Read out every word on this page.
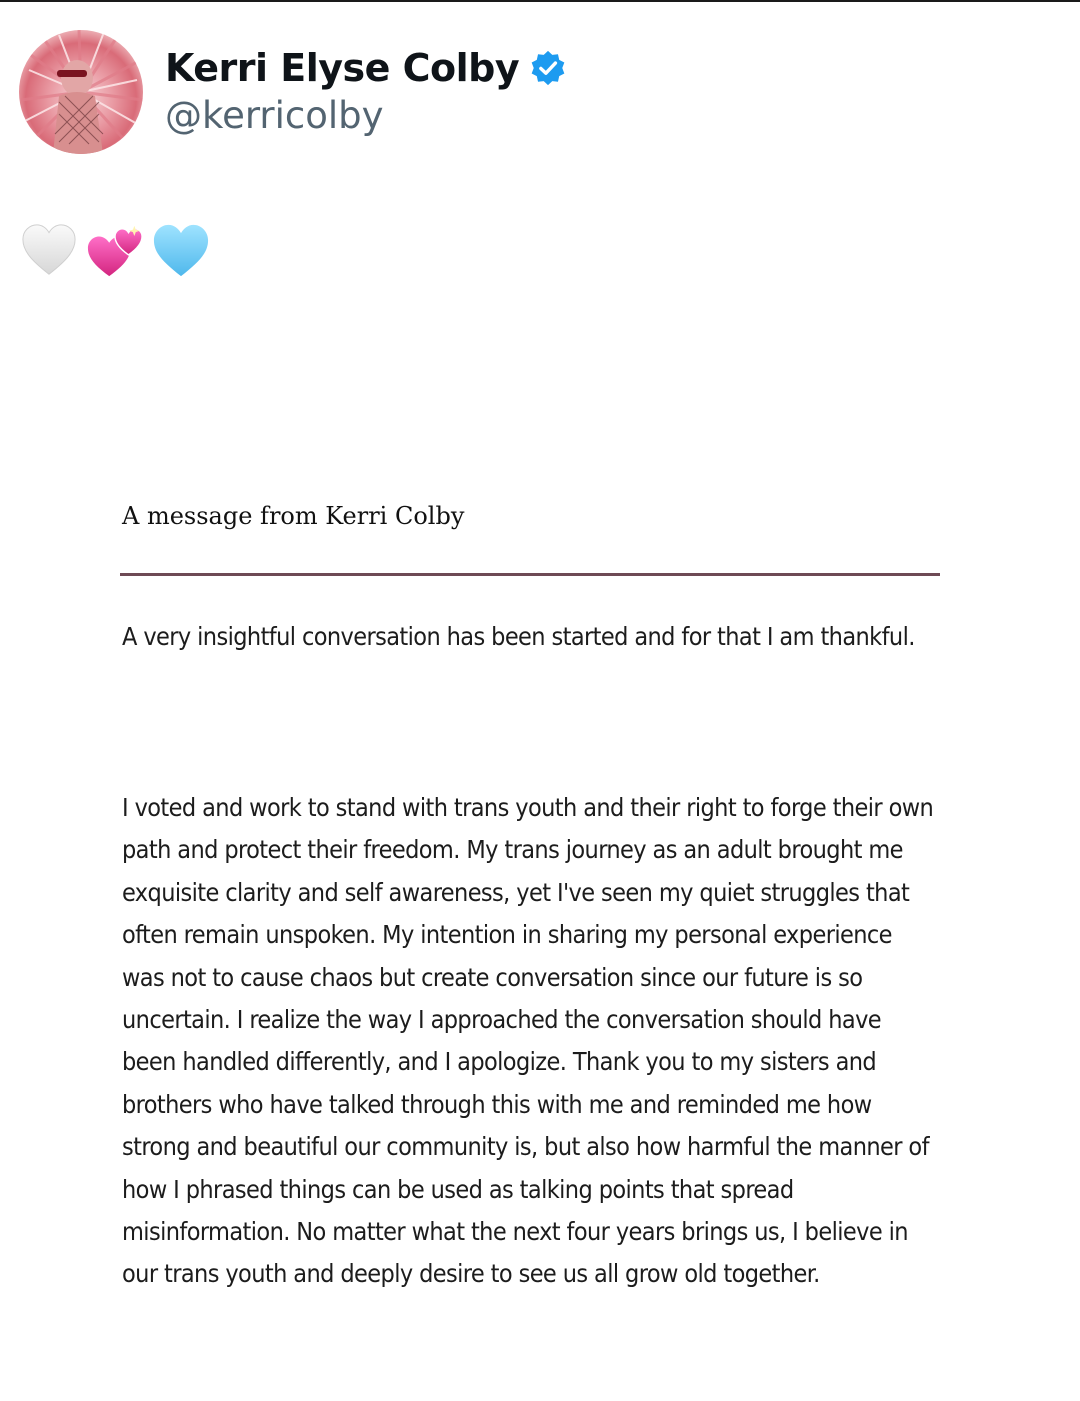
Kerri Elyse Colby
@kerricolby
A message from Kerri Colby

A very insightful conversation has been started and for that I am thankful.

I voted and work to stand with trans youth and their right to forge their own path and protect their freedom. My trans journey as an adult brought me exquisite clarity and self awareness, yet I've seen my quiet struggles that often remain unspoken. My intention in sharing my personal experience was not to cause chaos but create conversation since our future is so uncertain. I realize the way I approached the conversation should have been handled differently, and I apologize. Thank you to my sisters and brothers who have talked through this with me and reminded me how strong and beautiful our community is, but also how harmful the manner of how I phrased things can be used as talking points that spread misinformation. No matter what the next four years brings us, I believe in our trans youth and deeply desire to see us all grow old together.
